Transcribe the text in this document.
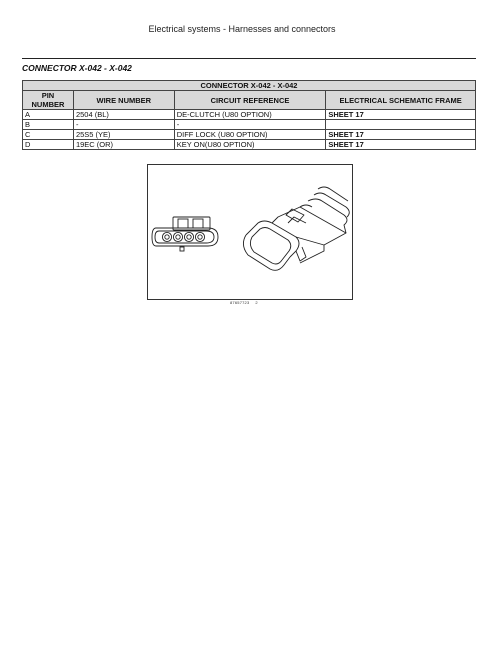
Electrical systems - Harnesses and connectors
CONNECTOR X-042 - X-042
CONNECTOR X-042 - X-042			
PIN NUMBER	WIRE NUMBER	CIRCUIT REFERENCE	ELECTRICAL SCHEMATIC FRAME
A	2504 (BL)	DE-CLUTCH (U80 OPTION)	SHEET 17
B	-	-	
C	25S5 (YE)	DIFF LOCK (U80 OPTION)	SHEET 17
D	19EC (OR)	KEY ON(U80 OPTION)	SHEET 17
87657723 2
